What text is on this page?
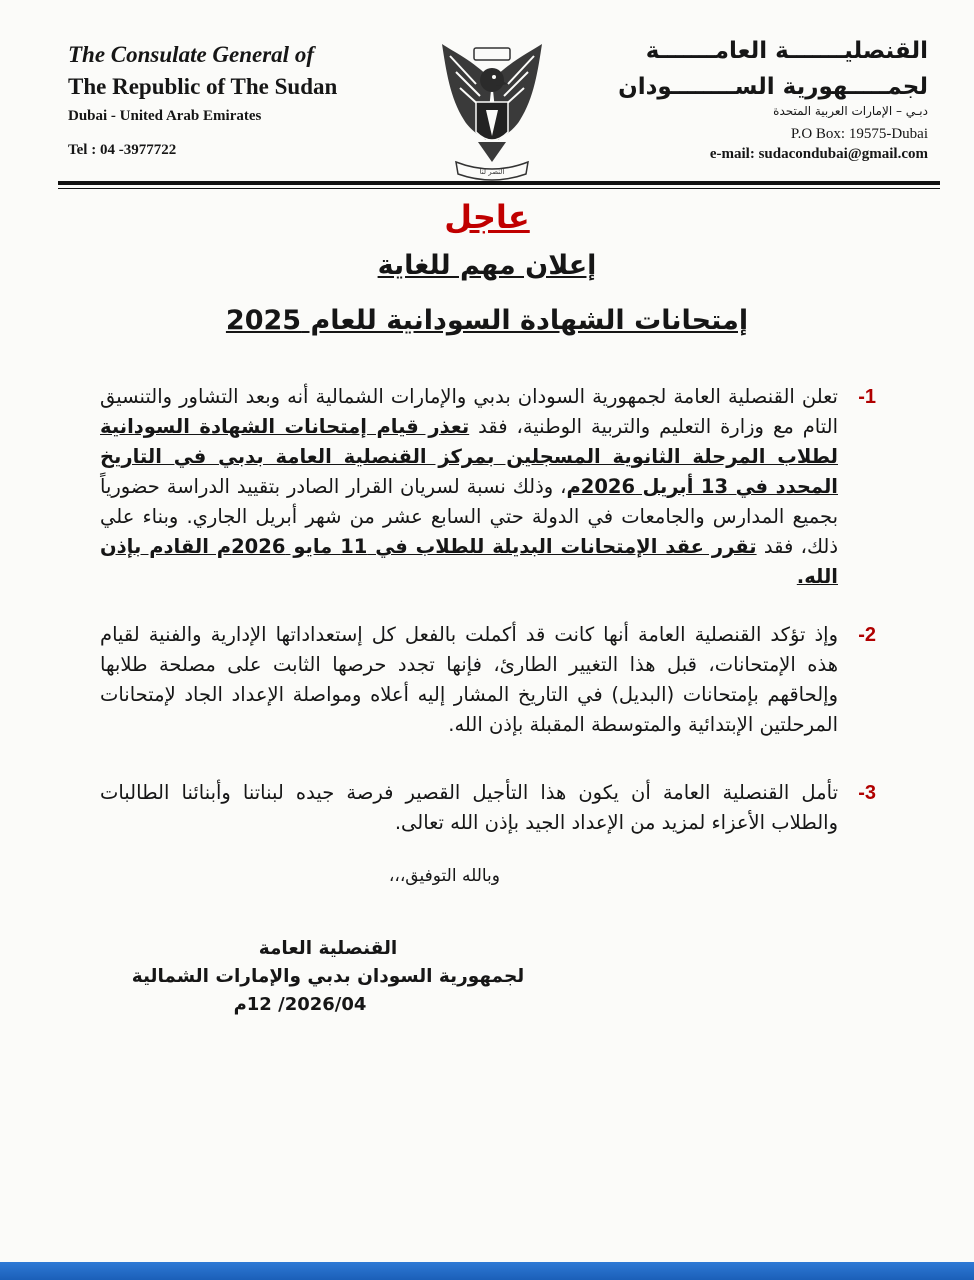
The Consulate General of
The Republic of The Sudan
Dubai - United Arab Emirates
Tel : 04 -3977722
النصر لنا
القنصليـــــــة العامـــــــة
لجمـــــهورية الســــــــودان
دبـي – الإمارات العربية المتحدة
P.O Box: 19575-Dubai
e-mail: sudacondubai@gmail.com
عاجل
إعلان مهم للغاية
إمتحانات الشهادة السودانية للعام 2025
1-
تعلن القنصلية العامة لجمهورية السودان بدبي والإمارات الشمالية أنه وبعد التشاور والتنسيق التام مع وزارة التعليم والتربية الوطنية، فقد تعذر قيام إمتحانات الشهادة السودانية لطلاب المرحلة الثانوية المسجلين بمركز القنصلية العامة بدبي في التاريخ المحدد في 13 أبريل 2026م، وذلك نسبة لسريان القرار الصادر بتقييد الدراسة حضورياً بجميع المدارس والجامعات في الدولة حتي السابع عشر من شهر أبريل الجاري. وبناء علي ذلك، فقد تقرر عقد الإمتحانات البديلة للطلاب في 11 مايو 2026م القادم بإذن الله.
2-
وإذ تؤكد القنصلية العامة أنها كانت قد أكملت بالفعل كل إستعداداتها الإدارية والفنية لقيام هذه الإمتحانات، قبل هذا التغيير الطارئ، فإنها تجدد حرصها الثابت على مصلحة طلابها وإلحاقهم بإمتحانات (البديل) في التاريخ المشار إليه أعلاه ومواصلة الإعداد الجاد لإمتحانات المرحلتين الإبتدائية والمتوسطة المقبلة بإذن الله.
3-
تأمل القنصلية العامة أن يكون هذا التأجيل القصير فرصة جيده لبناتنا وأبنائنا الطالبات والطلاب الأعزاء لمزيد من الإعداد الجيد بإذن الله تعالى.
وبالله التوفيق،،،
القنصلية العامة
لجمهورية السودان بدبي والإمارات الشمالية
2026/04/ 12م
